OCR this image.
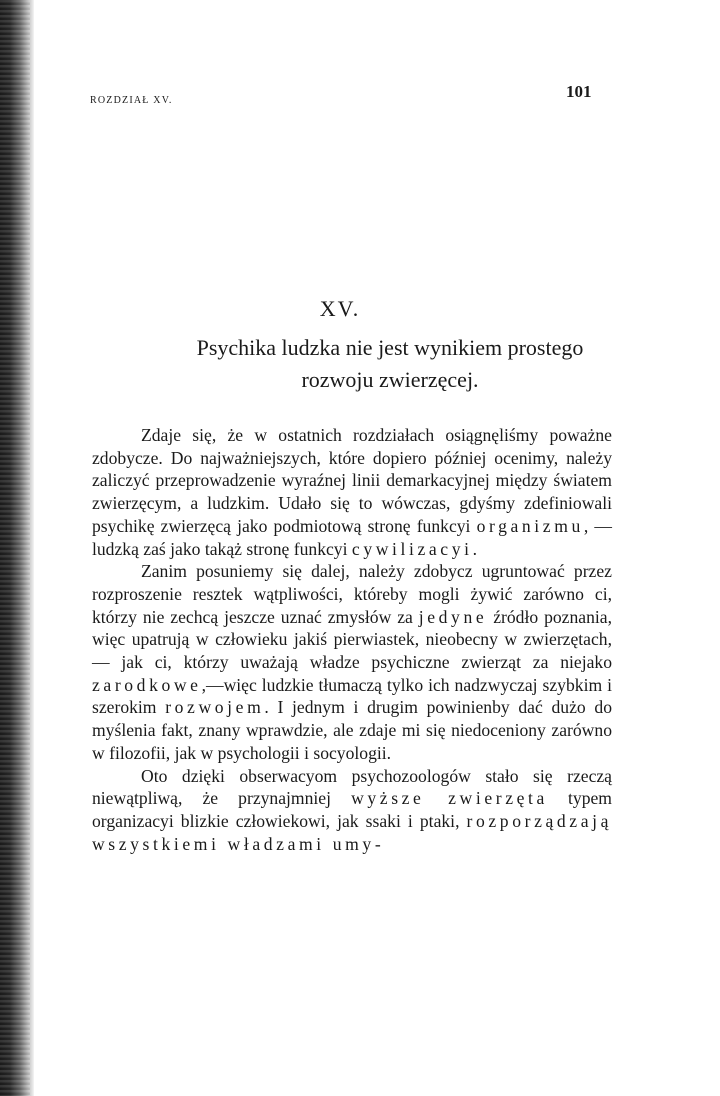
ROZDZIAŁ XV.	101
XV.
Psychika ludzka nie jest wynikiem prostego
rozwoju zwierzęcej.

Zdaje się, że w ostatnich rozdziałach osiągnęliśmy poważne zdobycze. Do najważniejszych, które dopiero później ocenimy, należy zaliczyć przeprowadzenie wyraźnej linii demarkacyjnej między światem zwierzęcym, a ludzkim. Udało się to wówczas, gdyśmy zdefiniowali psychikę zwierzęcą jako podmiotową stronę funkcyi organizmu, — ludzką zaś jako takąż stronę funkcyi cywilizacyi.

Zanim posuniemy się dalej, należy zdobycz ugruntować przez rozproszenie resztek wątpliwości, któreby mogli żywić zarówno ci, którzy nie zechcą jeszcze uznać zmysłów za jedyne źródło poznania, więc upatrują w człowieku jakiś pierwiastek, nieobecny w zwierzętach,— jak ci, którzy uważają władze psychiczne zwierząt za niejako zarodkowe,—więc ludzkie tłumaczą tylko ich nadzwyczaj szybkim i szerokim rozwojem. I jednym i drugim powinienby dać dużo do myślenia fakt, znany wprawdzie, ale zdaje mi się niedoceniony zarówno w filozofii, jak w psychologii i socyologii.

Oto dzięki obserwacyom psychozoologów stało się rzeczą niewątpliwą, że przynajmniej wyższe zwierzęta typem organizacyi blizkie człowiekowi, jak ssaki i ptaki, rozporządzają wszystkiemi władzami umy-
